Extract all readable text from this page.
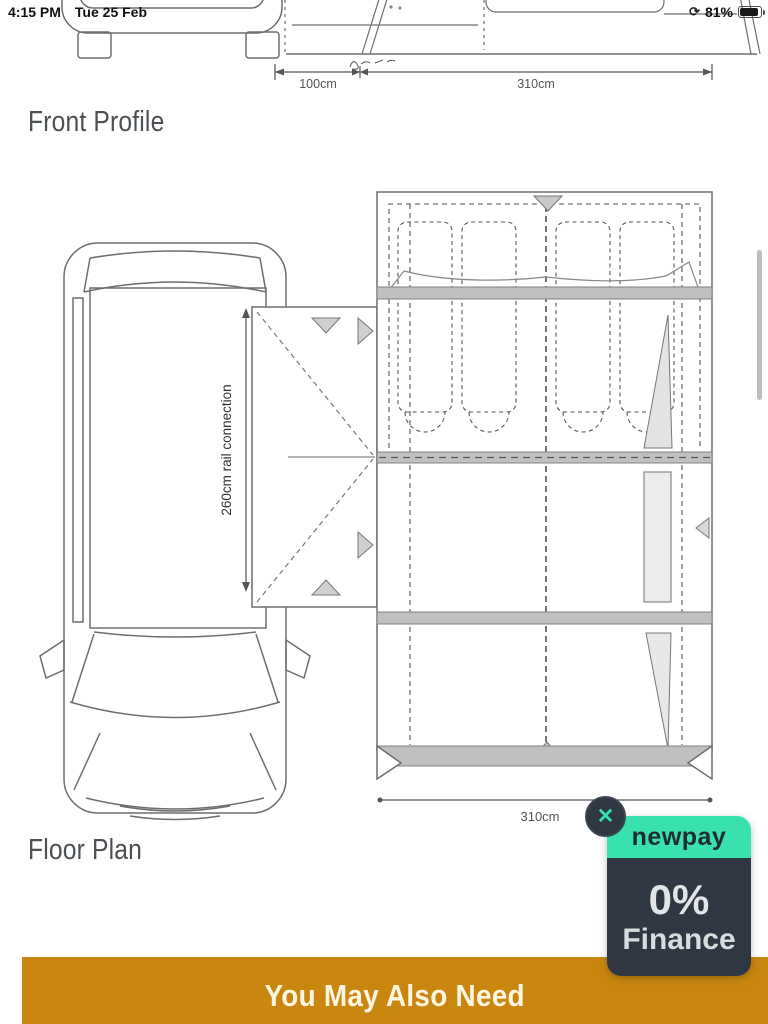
100cm	310cm
260cm rail connection
310cm
4:15 PM Tue 25 Feb	⟳ 81%
Front Profile
Floor Plan	newpay
0%
Finance
✕
You May Also Need
